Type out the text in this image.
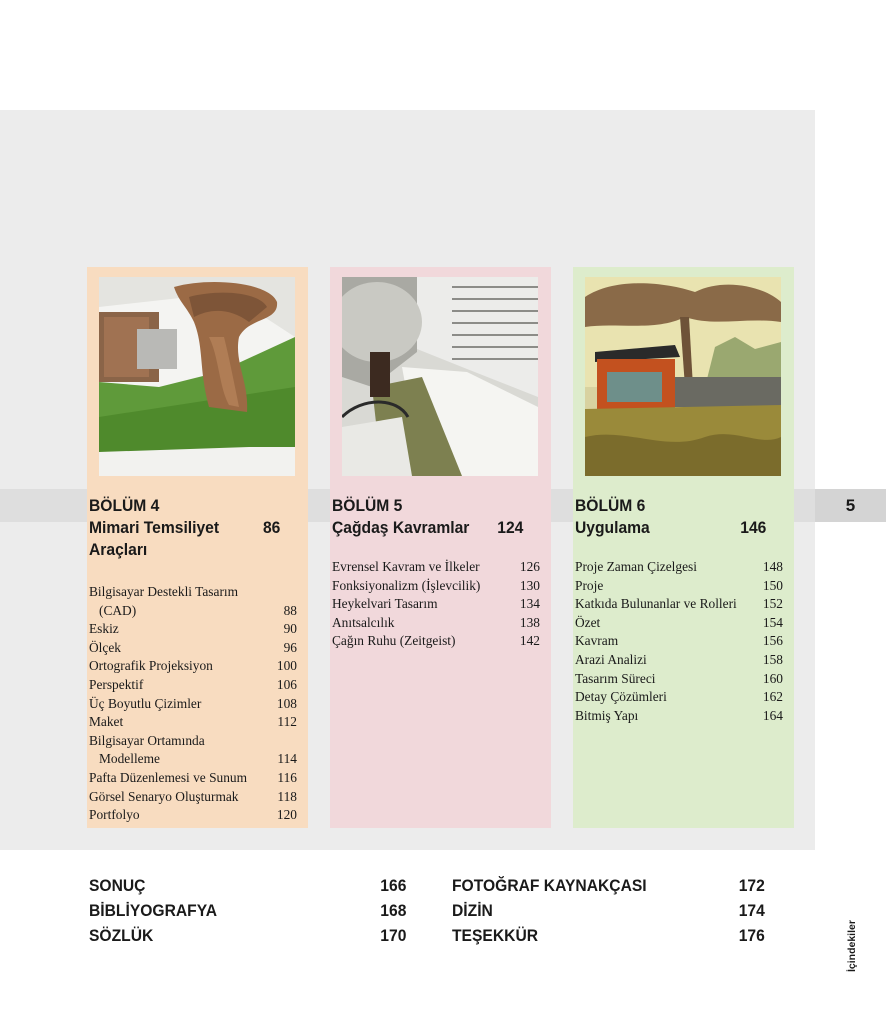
5
BÖLÜM 4
Mimari Temsiliyet	86
Araçları
Bilgisayar Destekli Tasarım
(CAD)	88
Eskiz	90
Ölçek	96
Ortografik Projeksiyon	100
Perspektif	106
Üç Boyutlu Çizimler	108
Maket	112
Bilgisayar Ortamında
Modelleme	114
Pafta Düzenlemesi ve Sunum 116
Görsel Senaryo Oluşturmak	118
Portfolyo	120
BÖLÜM 5
Çağdaş Kavramlar 124
Evrensel Kavram ve İlkeler	126
Fonksiyonalizm (İşlevcilik)	130
Heykelvari Tasarım	134
Anıtsalcılık	138
Çağın Ruhu (Zeitgeist)	142
BÖLÜM 6
Uygulama	146
Proje Zaman Çizelgesi	148
Proje	150
Katkıda Bulunanlar ve Rolleri 152
Özet	154
Kavram	156
Arazi Analizi	158
Tasarım Süreci	160
Detay Çözümleri	162
Bitmiş Yapı	164
SONUÇ	166
BİBLİYOGRAFYA	168
SÖZLÜK	170
FOTOĞRAF KAYNAKÇASI	172
DİZİN	174
TEŞEKKÜR	176	İçindekiler
